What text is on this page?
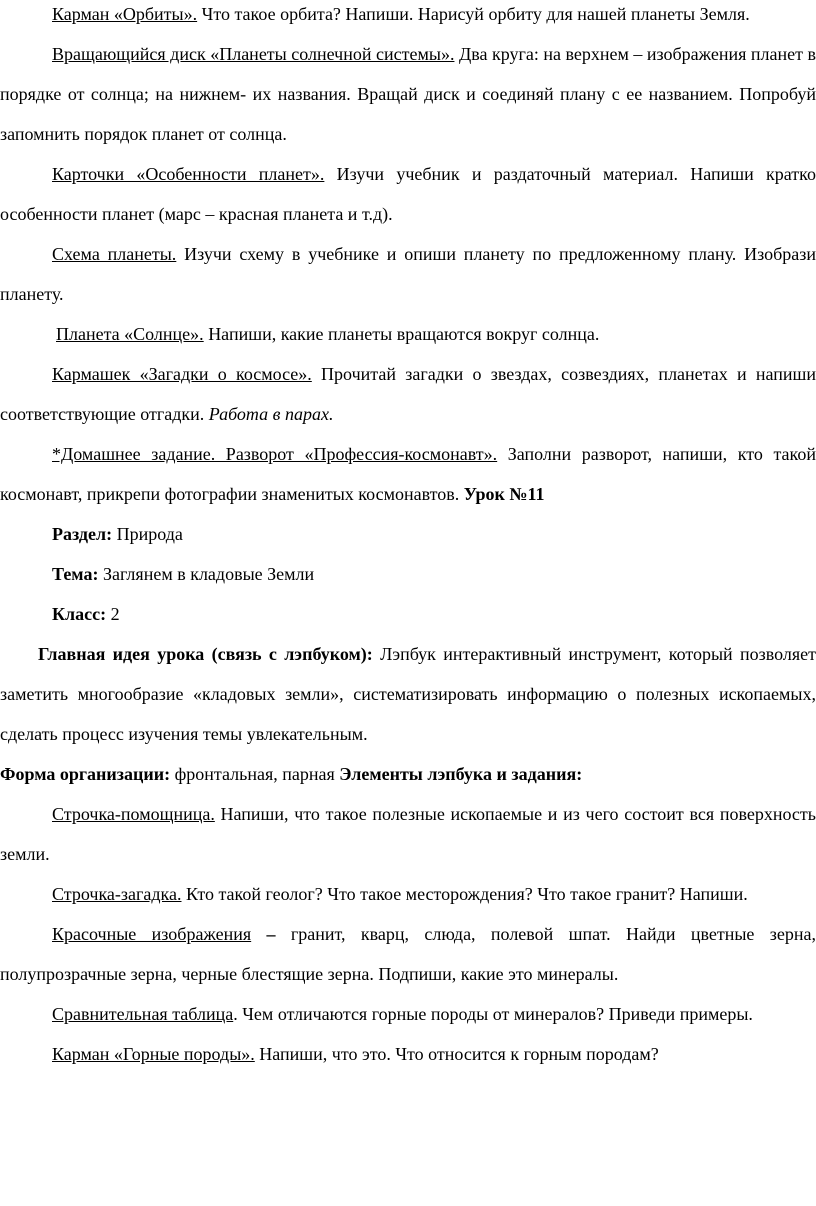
Карман «Орбиты». Что такое орбита? Напиши. Нарисуй орбиту для нашей планеты Земля.

Вращающийся диск «Планеты солнечной системы». Два круга: на верхнем – изображения планет в порядке от солнца; на нижнем- их названия. Вращай диск и соединяй плану с ее названием. Попробуй запомнить порядок планет от солнца.

Карточки «Особенности планет». Изучи учебник и раздаточный материал. Напиши кратко особенности планет (марс – красная планета и т.д).

Схема планеты. Изучи схему в учебнике и опиши планету по предложенному плану. Изобрази планету.

Планета «Солнце». Напиши, какие планеты вращаются вокруг солнца.

Кармашек «Загадки о космосе». Прочитай загадки о звездах, созвездиях, планетах и напиши соответствующие отгадки. Работа в парах.

*Домашнее задание. Разворот «Профессия-космонавт». Заполни разворот, напиши, кто такой космонавт, прикрепи фотографии знаменитых космонавтов. Урок №11

Раздел: Природа

Тема: Заглянем в кладовые Земли

Класс: 2

Главная идея урока (связь с лэпбуком): Лэпбук интерактивный инструмент, который позволяет заметить многообразие «кладовых земли», систематизировать информацию о полезных ископаемых, сделать процесс изучения темы увлекательным.

Форма организации: фронтальная, парная Элементы лэпбука и задания:

Строчка-помощница. Напиши, что такое полезные ископаемые и из чего состоит вся поверхность земли.

Строчка-загадка. Кто такой геолог? Что такое месторождения? Что такое гранит? Напиши.

Красочные изображения – гранит, кварц, слюда, полевой шпат. Найди цветные зерна, полупрозрачные зерна, черные блестящие зерна. Подпиши, какие это минералы.

Сравнительная таблица. Чем отличаются горные породы от минералов? Приведи примеры.

Карман «Горные породы». Напиши, что это. Что относится к горным породам?
